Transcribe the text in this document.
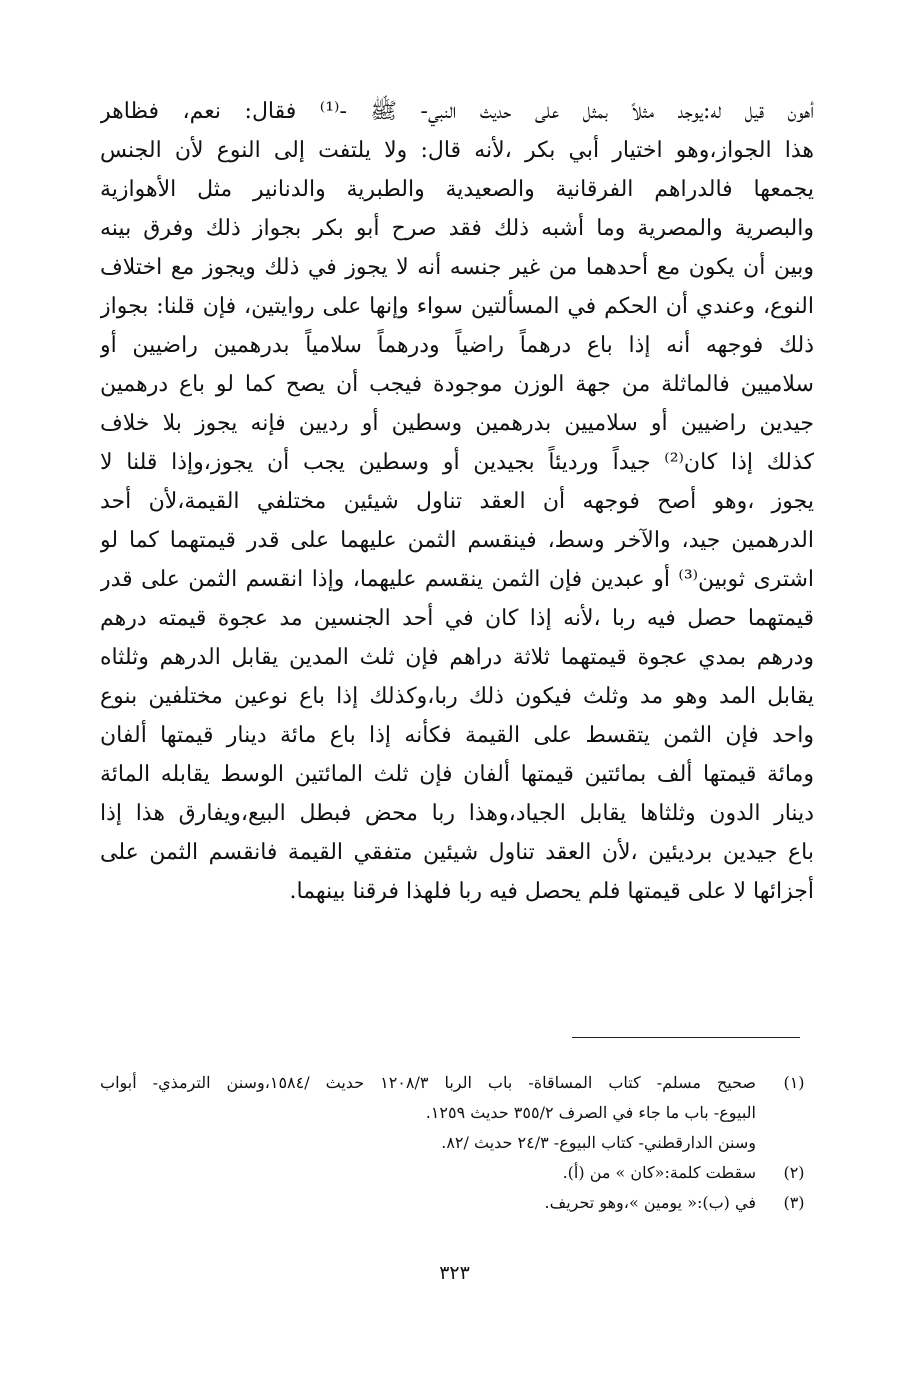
أهون قيل له:يوجد مثلاً بمثل على حديث النبي- ﷺ -⁽¹⁾ فقال: نعم، فظاهر
هذا الجواز،وهو اختيار أبي بكر ،لأنه قال: ولا يلتفت إلى النوع لأن الجنس
يجمعها فالدراهم الفرقانية والصعيدية والطبرية والدنانير مثل الأهوازية
والبصرية والمصرية وما أشبه ذلك فقد صرح أبو بكر بجواز ذلك وفرق بينه
وبين أن يكون مع أحدهما من غير جنسه أنه لا يجوز في ذلك ويجوز مع اختلاف
النوع، وعندي أن الحكم في المسألتين سواء وإنها على روايتين، فإن قلنا: بجواز
ذلك فوجهه أنه إذا باع درهماً راضياً ودرهماً سلامياً بدرهمين راضيين أو
سلاميين فالماثلة من جهة الوزن موجودة فيجب أن يصح كما لو باع درهمين
جيدين راضيين أو سلاميين بدرهمين وسطين أو رديين فإنه يجوز بلا خلاف
كذلك إذا كان⁽²⁾ جيداً ورديئاً بجيدين أو وسطين يجب أن يجوز،وإذا قلنا لا
يجوز ،وهو أصح فوجهه أن العقد تناول شيئين مختلفي القيمة،لأن أحد
الدرهمين جيد، والآخر وسط، فينقسم الثمن عليهما على قدر قيمتهما كما لو
اشترى ثوبين⁽³⁾ أو عبدين فإن الثمن ينقسم عليهما، وإذا انقسم الثمن على قدر
قيمتهما حصل فيه ربا ،لأنه إذا كان في أحد الجنسين مد عجوة قيمته درهم
ودرهم بمدي عجوة قيمتهما ثلاثة دراهم فإن ثلث المدين يقابل الدرهم وثلثاه
يقابل المد وهو مد وثلث فيكون ذلك ربا،وكذلك إذا باع نوعين مختلفين بنوع
واحد فإن الثمن يتقسط على القيمة فكأنه إذا باع مائة دينار قيمتها ألفان
ومائة قيمتها ألف بمائتين قيمتها ألفان فإن ثلث المائتين الوسط يقابله المائة
دينار الدون وثلثاها يقابل الجياد،وهذا ربا محض فبطل البيع،ويفارق هذا إذا
باع جيدين برديئين ،لأن العقد تناول شيئين متفقي القيمة فانقسم الثمن على
أجزائها لا على قيمتها فلم يحصل فيه ربا فلهذا فرقنا بينهما.
(١)
صحيح مسلم- كتاب المساقاة- باب الربا ١٢٠٨/٣ حديث /١٥٨٤،وسنن الترمذي- أبواب
البيوع- باب ما جاء في الصرف ٣٥٥/٢ حديث ١٢٥٩.
وسنن الدارقطني- كتاب البيوع- ٢٤/٣ حديث /٨٢.
(٢)
سقطت كلمة:«كان » من (أ).
(٣)
في (ب):« يومين »،وهو تحريف.
٣٢٣
